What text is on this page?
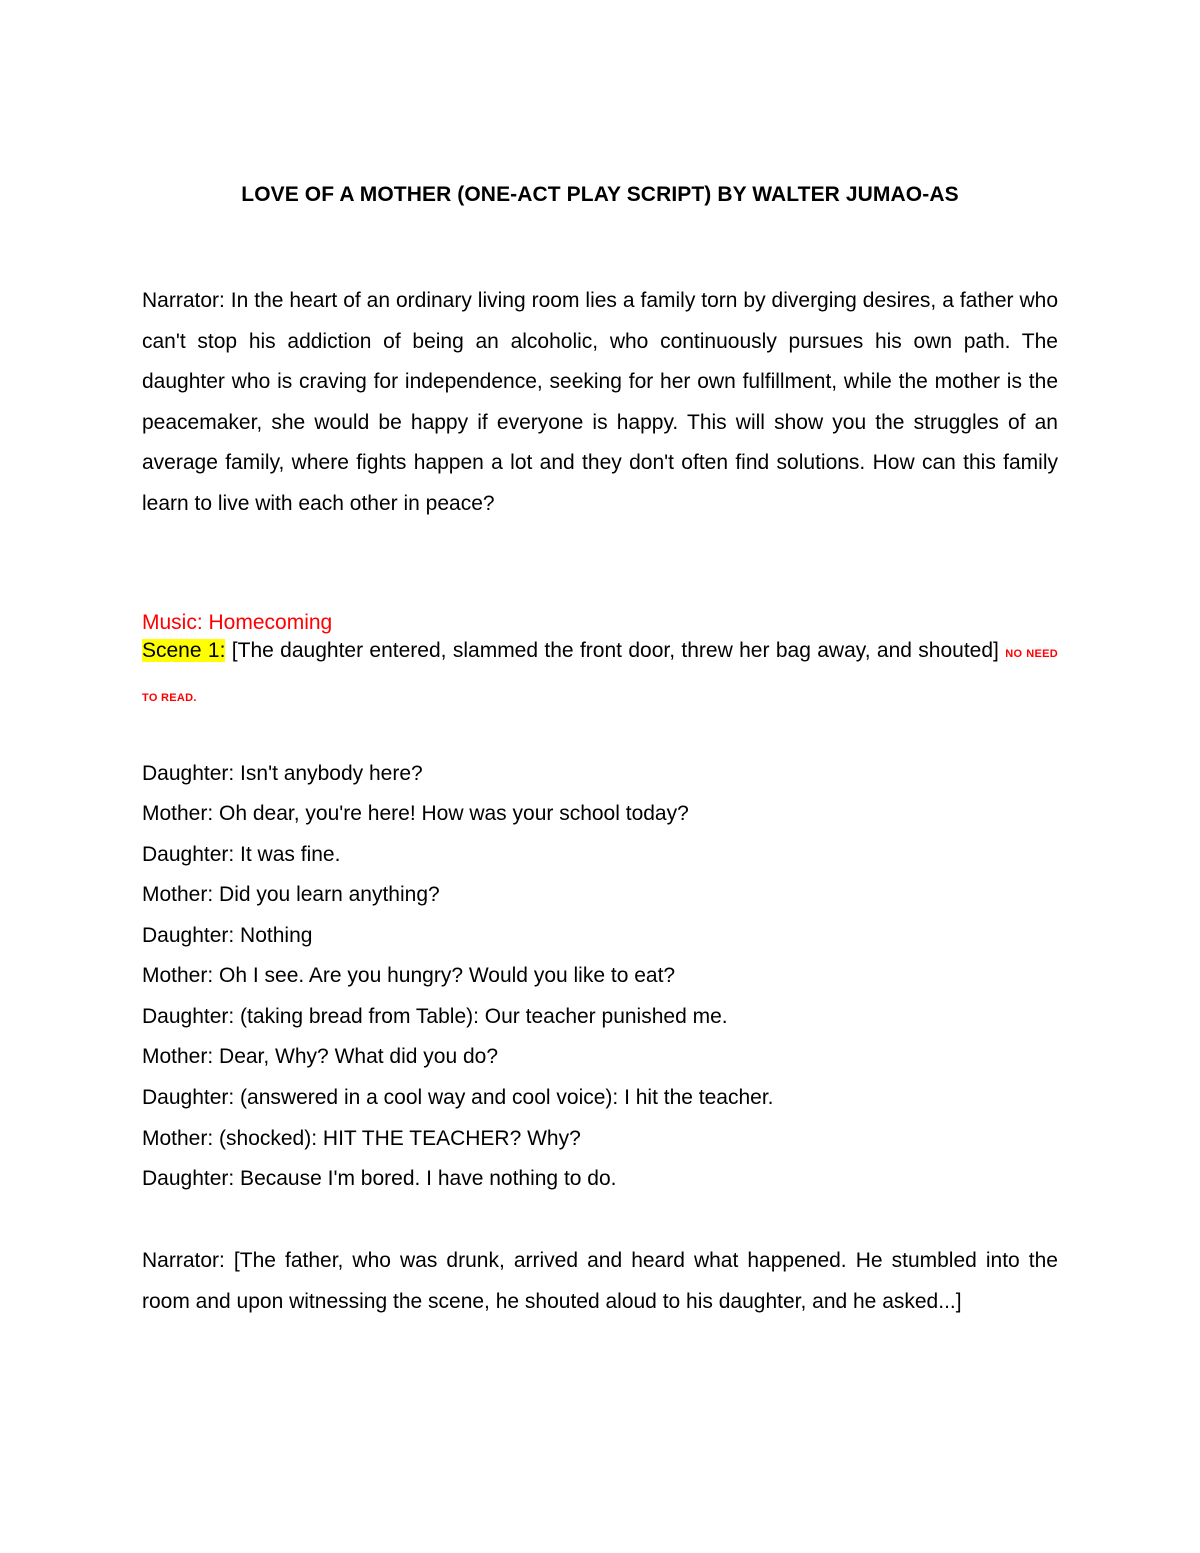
LOVE OF A MOTHER (ONE-ACT PLAY SCRIPT) BY WALTER JUMAO-AS

Narrator: In the heart of an ordinary living room lies a family torn by diverging desires, a father who can't stop his addiction of being an alcoholic, who continuously pursues his own path. The daughter who is craving for independence, seeking for her own fulfillment, while the mother is the peacemaker, she would be happy if everyone is happy. This will show you the struggles of an average family, where fights happen a lot and they don't often find solutions. How can this family learn to live with each other in peace?

Music: Homecoming

Scene 1: [The daughter entered, slammed the front door, threw her bag away, and shouted] NO NEED TO READ.

Daughter: Isn't anybody here?
Mother: Oh dear, you're here! How was your school today?
Daughter: It was fine.
Mother: Did you learn anything?
Daughter: Nothing
Mother: Oh I see. Are you hungry? Would you like to eat?
Daughter: (taking bread from Table): Our teacher punished me.
Mother: Dear, Why? What did you do?
Daughter: (answered in a cool way and cool voice): I hit the teacher.
Mother: (shocked): HIT THE TEACHER? Why?
Daughter: Because I'm bored. I have nothing to do.

Narrator: [The father, who was drunk, arrived and heard what happened. He stumbled into the room and upon witnessing the scene, he shouted aloud to his daughter, and he asked...]
